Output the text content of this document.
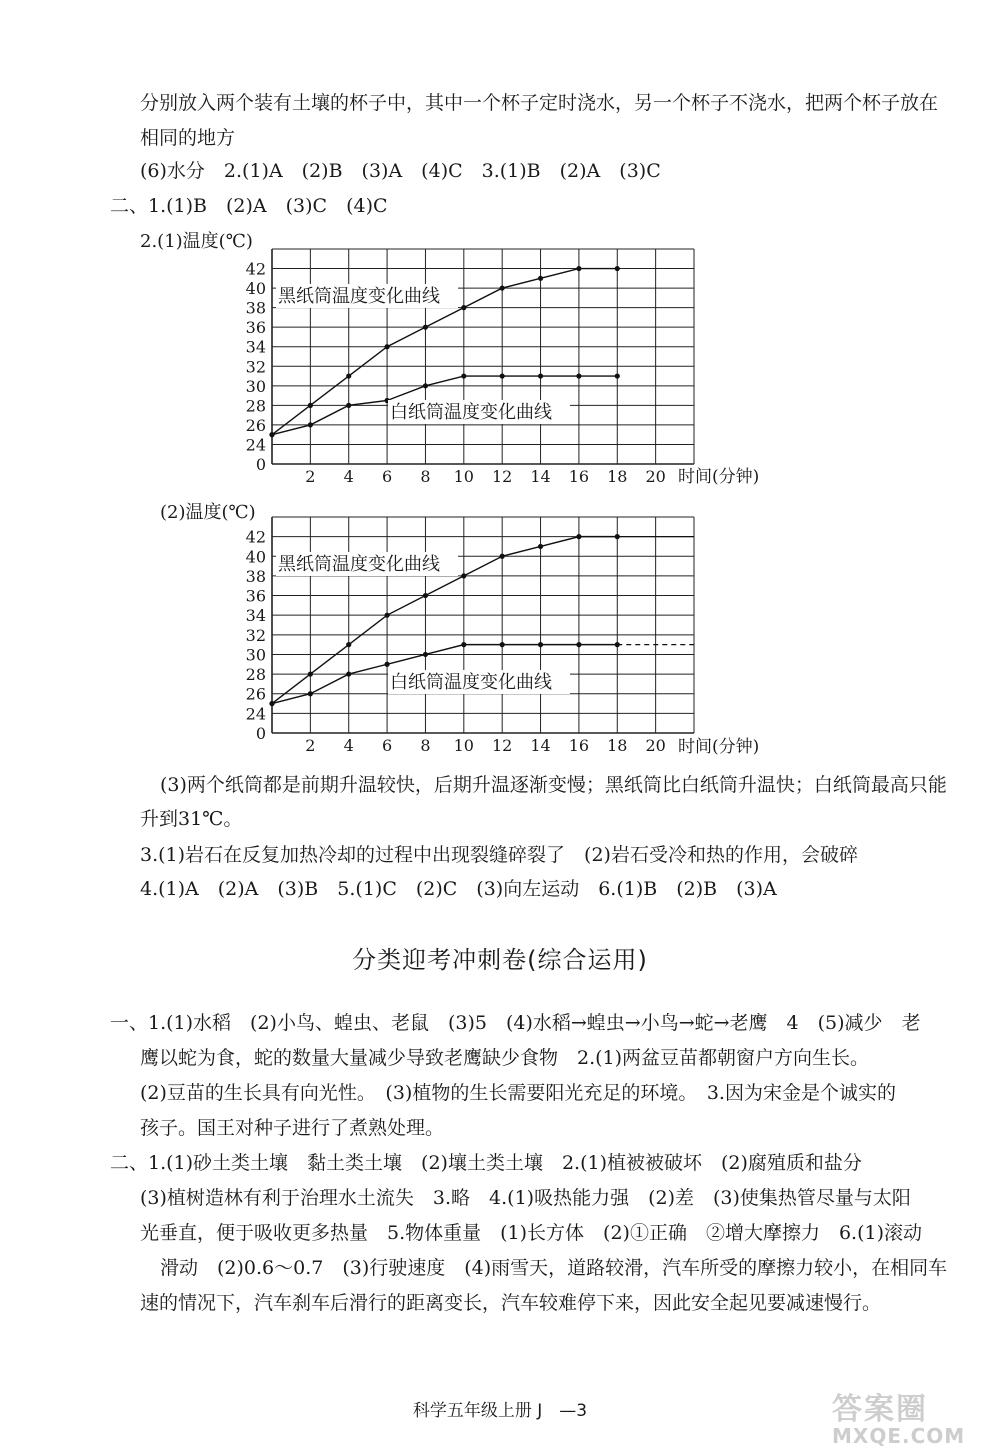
分别放入两个装有土壤的杯子中，其中一个杯子定时浇水，另一个杯子不浇水，把两个杯子放在
相同的地方
(6)水分　2.(1)A　(2)B　(3)A　(4)C　3.(1)B　(2)A　(3)C
二、1.(1)B　(2)A　(3)C　(4)C
2.(1)温度(℃)
时间(分钟)
2 4 6 8 10 12 14 16 18 20
0
24
26
28
30
32
34
36
38
40
42
黑纸筒温度变化曲线
白纸筒温度变化曲线
(2)温度(℃)
时间(分钟)
2 4 6 8 10 12 14 16 18 20
0
24
26
28
30
32
34
36
38
40
42
黑纸筒温度变化曲线
白纸筒温度变化曲线
(3)两个纸筒都是前期升温较快，后期升温逐渐变慢；黑纸筒比白纸筒升温快；白纸筒最高只能
升到31℃。
3.(1)岩石在反复加热冷却的过程中出现裂缝碎裂了　(2)岩石受冷和热的作用，会破碎
4.(1)A　(2)A　(3)B　5.(1)C　(2)C　(3)向左运动　6.(1)B　(2)B　(3)A
分类迎考冲刺卷(综合运用)
一、1.(1)水稻　(2)小鸟、蝗虫、老鼠　(3)5　(4)水稻→蝗虫→小鸟→蛇→老鹰　4　(5)减少　老
鹰以蛇为食，蛇的数量大量减少导致老鹰缺少食物　2.(1)两盆豆苗都朝窗户方向生长。
(2)豆苗的生长具有向光性。　(3)植物的生长需要阳光充足的环境。　3.因为宋金是个诚实的
孩子。国王对种子进行了煮熟处理。
二、1.(1)砂土类土壤　黏土类土壤　(2)壤土类土壤　2.(1)植被被破坏　(2)腐殖质和盐分
(3)植树造林有利于治理水土流失　3.略　4.(1)吸热能力强　(2)差　(3)使集热管尽量与太阳
光垂直，便于吸收更多热量　5.物体重量　(1)长方体　(2)①正确　②增大摩擦力　6.(1)滚动
滑动　(2)0.6～0.7　(3)行驶速度　(4)雨雪天，道路较滑，汽车所受的摩擦力较小，在相同车
速的情况下，汽车刹车后滑行的距离变长，汽车较难停下来，因此安全起见要减速慢行。
科学五年级上册 J　—3	答案圈
MXQE.COM
